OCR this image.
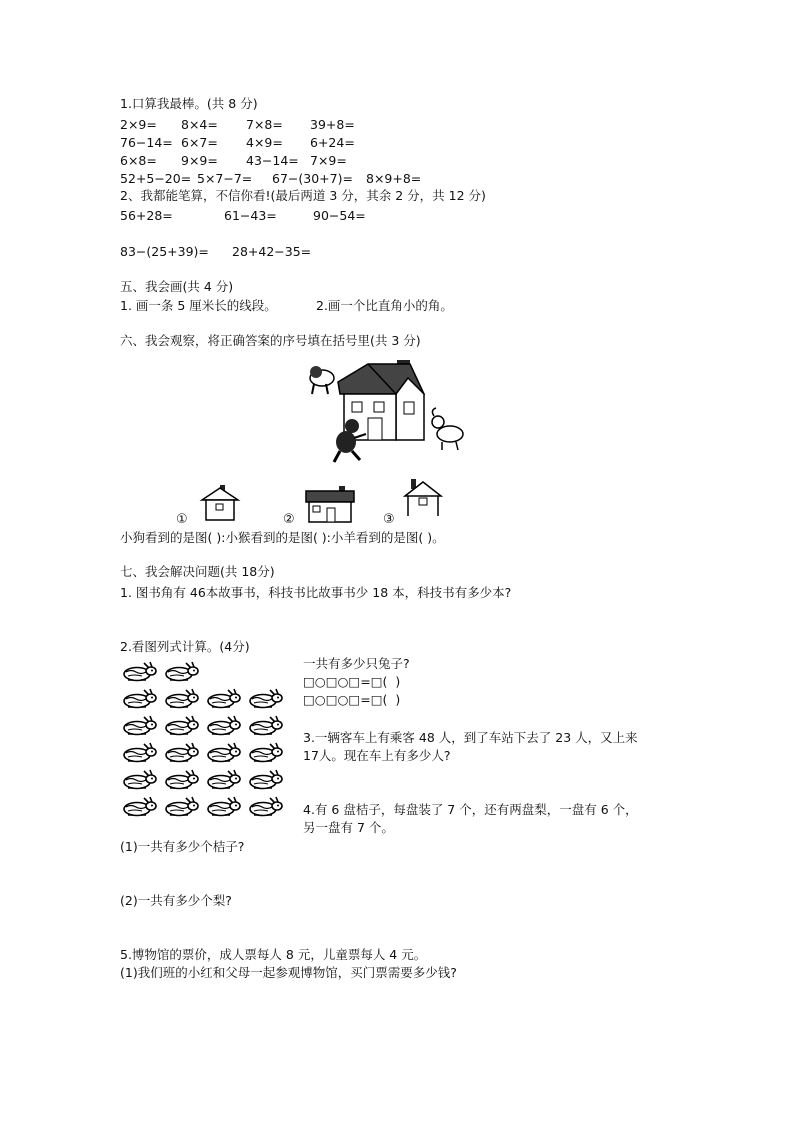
1.口算我最棒。(共 8 分)
2×9= 8×4= 7×8= 39+8=
76−14= 6×7= 4×9= 6+24=
6×8= 9×9= 43−14= 7×9=
52+5−20= 5×7−7= 67−(30+7)= 8×9+8=
2、我都能笔算，不信你看!(最后两道 3 分，其余 2 分，共 12 分)
56+28=	61−43=	90−54=
83−(25+39)= 28+42−35=
五、我会画(共 4 分)
1. 画一条 5 厘米长的线段。	2.画一个比直角小的角。
六、我会观察，将正确答案的序号填在括号里(共 3 分)
①	②	③
小狗看到的是图( ):小猴看到的是图( ):小羊看到的是图( )。
七、我会解决问题(共 18分)
1. 图书角有 46本故事书，科技书比故事书少 18 本，科技书有多少本?
2.看图列式计算。(4分)
一共有多少只兔子?
□○□○□=□(  )
□○□○□=□(  )
3.一辆客车上有乘客 48 人，到了车站下去了 23 人，又上来
17人。现在车上有多少人?
4.有 6 盘桔子，每盘装了 7 个，还有两盘梨，一盘有 6 个，
另一盘有 7 个。
(1)一共有多少个桔子?
(2)一共有多少个梨?
5.博物馆的票价，成人票每人 8 元，儿童票每人 4 元。
(1)我们班的小红和父母一起参观博物馆，买门票需要多少钱?
